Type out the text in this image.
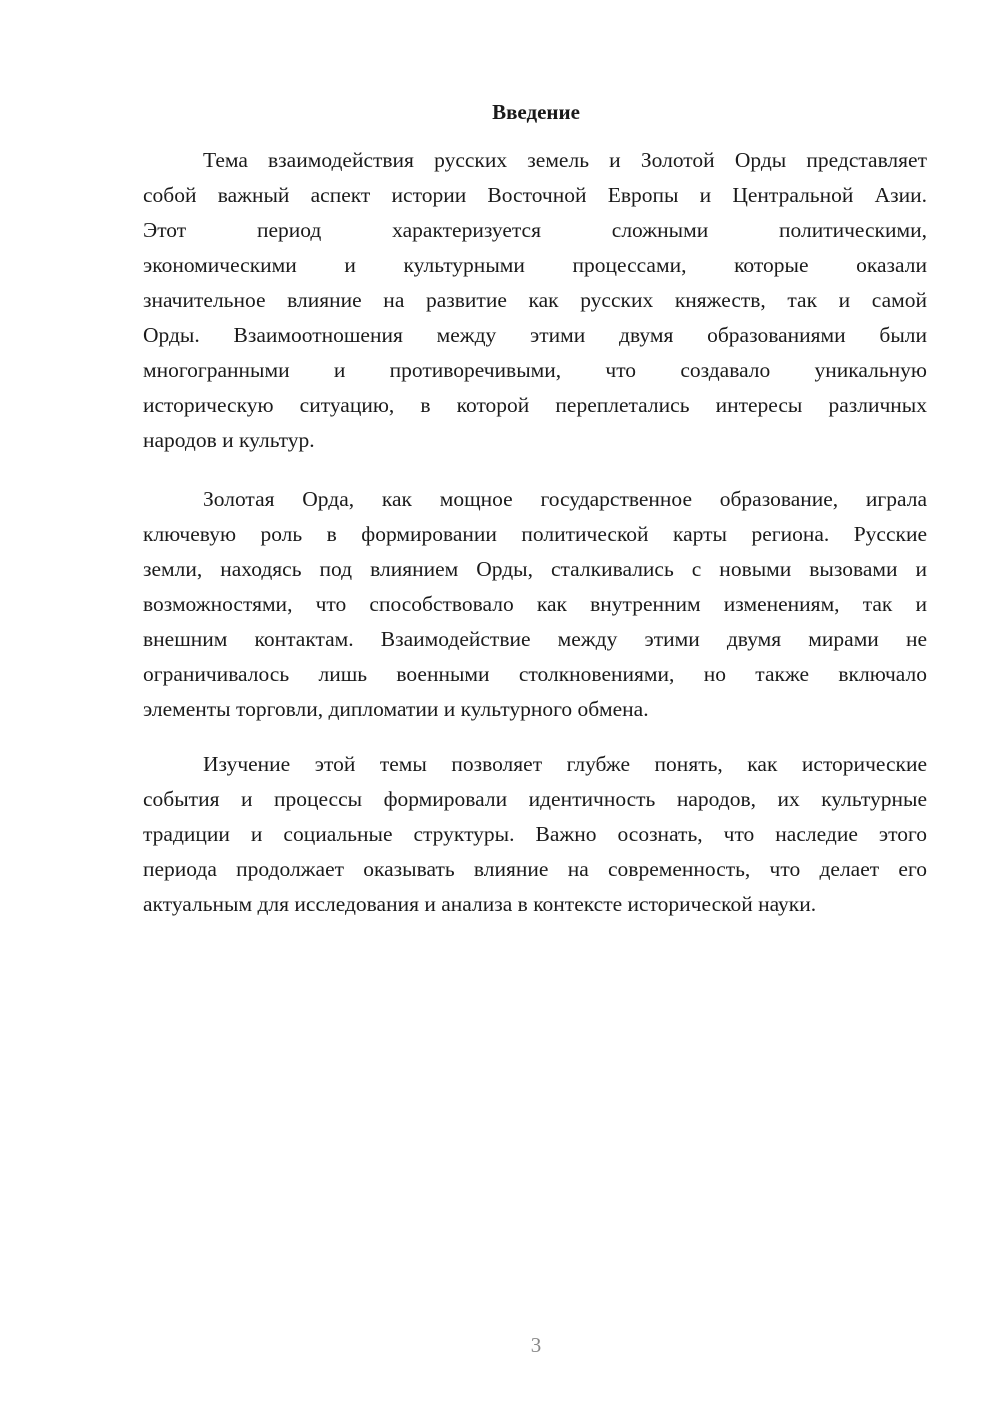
Введение
Тема взаимодействия русских земель и Золотой Орды представляет
собой важный аспект истории Восточной Европы и Центральной Азии.
Этот период характеризуется сложными политическими,
экономическими и культурными процессами, которые оказали
значительное влияние на развитие как русских княжеств, так и самой
Орды. Взаимоотношения между этими двумя образованиями были
многогранными и противоречивыми, что создавало уникальную
историческую ситуацию, в которой переплетались интересы различных
народов и культур.
Золотая Орда, как мощное государственное образование, играла
ключевую роль в формировании политической карты региона. Русские
земли, находясь под влиянием Орды, сталкивались с новыми вызовами и
возможностями, что способствовало как внутренним изменениям, так и
внешним контактам. Взаимодействие между этими двумя мирами не
ограничивалось лишь военными столкновениями, но также включало
элементы торговли, дипломатии и культурного обмена.
Изучение этой темы позволяет глубже понять, как исторические
события и процессы формировали идентичность народов, их культурные
традиции и социальные структуры. Важно осознать, что наследие этого
периода продолжает оказывать влияние на современность, что делает его
актуальным для исследования и анализа в контексте исторической науки.
3
